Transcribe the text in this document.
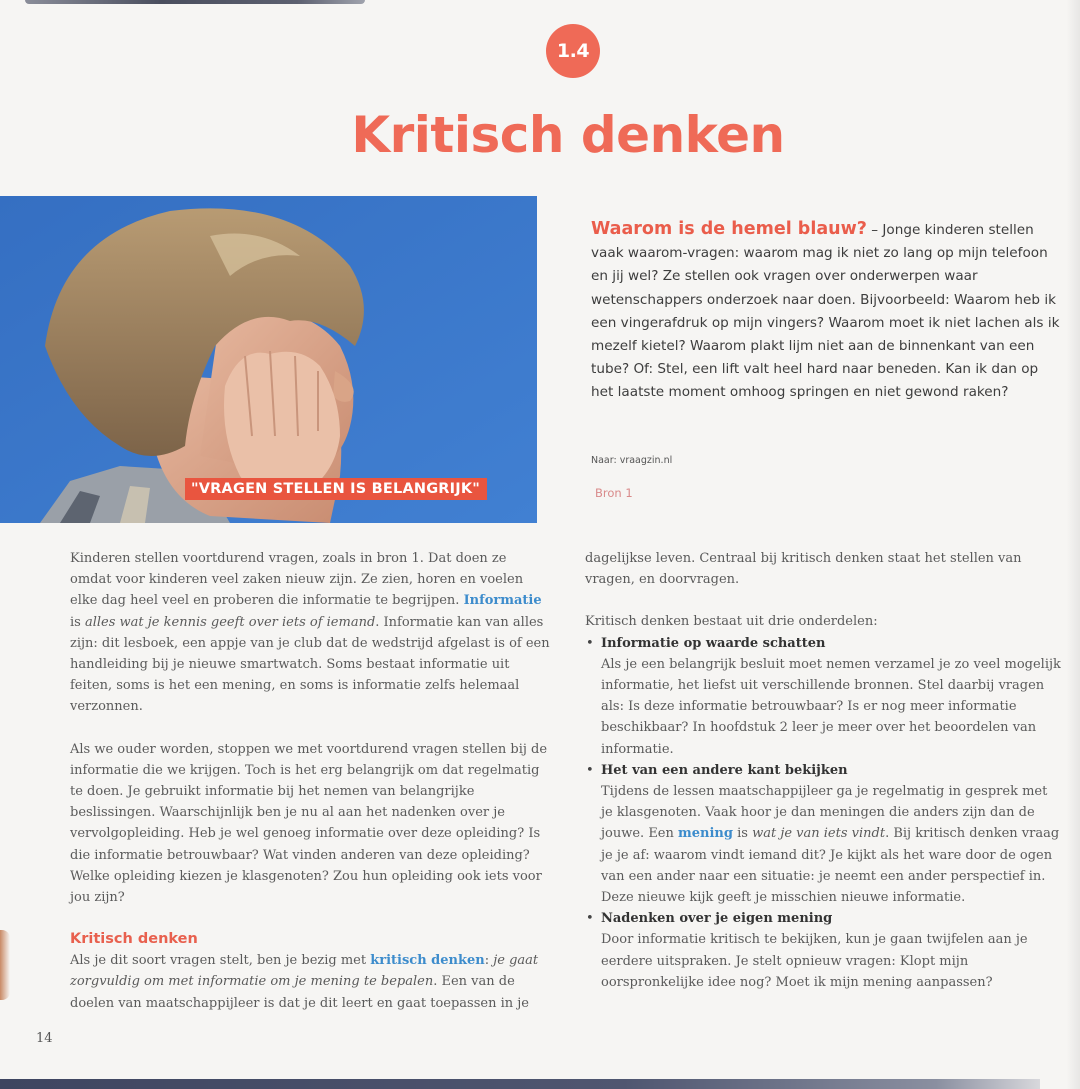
1.4
Kritisch denken
"VRAGEN STELLEN IS BELANGRIJK"
Waarom is de hemel blauw? – Jonge kinderen stellen vaak waarom-vragen: waarom mag ik niet zo lang op mijn telefoon en jij wel? Ze stellen ook vragen over onderwerpen waar wetenschappers onderzoek naar doen. Bijvoorbeeld: Waarom heb ik een vingerafdruk op mijn vingers? Waarom moet ik niet lachen als ik mezelf kietel? Waarom plakt lijm niet aan de binnenkant van een tube? Of: Stel, een lift valt heel hard naar beneden. Kan ik dan op het laatste moment omhoog springen en niet gewond raken?
Naar: vraagzin.nl
Bron 1

Kinderen stellen voortdurend vragen, zoals in bron 1. Dat doen ze omdat voor kinderen veel zaken nieuw zijn. Ze zien, horen en voelen elke dag heel veel en proberen die informatie te begrijpen. Informatie is alles wat je kennis geeft over iets of iemand. Informatie kan van alles zijn: dit lesboek, een appje van je club dat de wedstrijd afgelast is of een handleiding bij je nieuwe smartwatch. Soms bestaat informatie uit feiten, soms is het een mening, en soms is informatie zelfs helemaal verzonnen.

Als we ouder worden, stoppen we met voortdurend vragen stellen bij de informatie die we krijgen. Toch is het erg belangrijk om dat regelmatig te doen. Je gebruikt informatie bij het nemen van belangrijke beslissingen. Waarschijnlijk ben je nu al aan het nadenken over je vervolgopleiding. Heb je wel genoeg informatie over deze opleiding? Is die informatie betrouwbaar? Wat vinden anderen van deze opleiding? Welke opleiding kiezen je klasgenoten? Zou hun opleiding ook iets voor jou zijn?

Kritisch denken

Als je dit soort vragen stelt, ben je bezig met kritisch denken: je gaat zorgvuldig om met informatie om je mening te bepalen. Een van de doelen van maatschappijleer is dat je dit leert en gaat toepassen in je

dagelijkse leven. Centraal bij kritisch denken staat het stellen van vragen, en doorvragen.

Kritisch denken bestaat uit drie onderdelen:

• Informatie op waarde schatten
Als je een belangrijk besluit moet nemen verzamel je zo veel mogelijk informatie, het liefst uit verschillende bronnen. Stel daarbij vragen als: Is deze informatie betrouwbaar? Is er nog meer informatie beschikbaar? In hoofdstuk 2 leer je meer over het beoordelen van informatie.
• Het van een andere kant bekijken
Tijdens de lessen maatschappijleer ga je regelmatig in gesprek met je klasgenoten. Vaak hoor je dan meningen die anders zijn dan de jouwe. Een mening is wat je van iets vindt. Bij kritisch denken vraag je je af: waarom vindt iemand dit? Je kijkt als het ware door de ogen van een ander naar een situatie: je neemt een ander perspectief in. Deze nieuwe kijk geeft je misschien nieuwe informatie.
• Nadenken over je eigen mening
Door informatie kritisch te bekijken, kun je gaan twijfelen aan je eerdere uitspraken. Je stelt opnieuw vragen: Klopt mijn oorspronkelijke idee nog? Moet ik mijn mening aanpassen?
14
